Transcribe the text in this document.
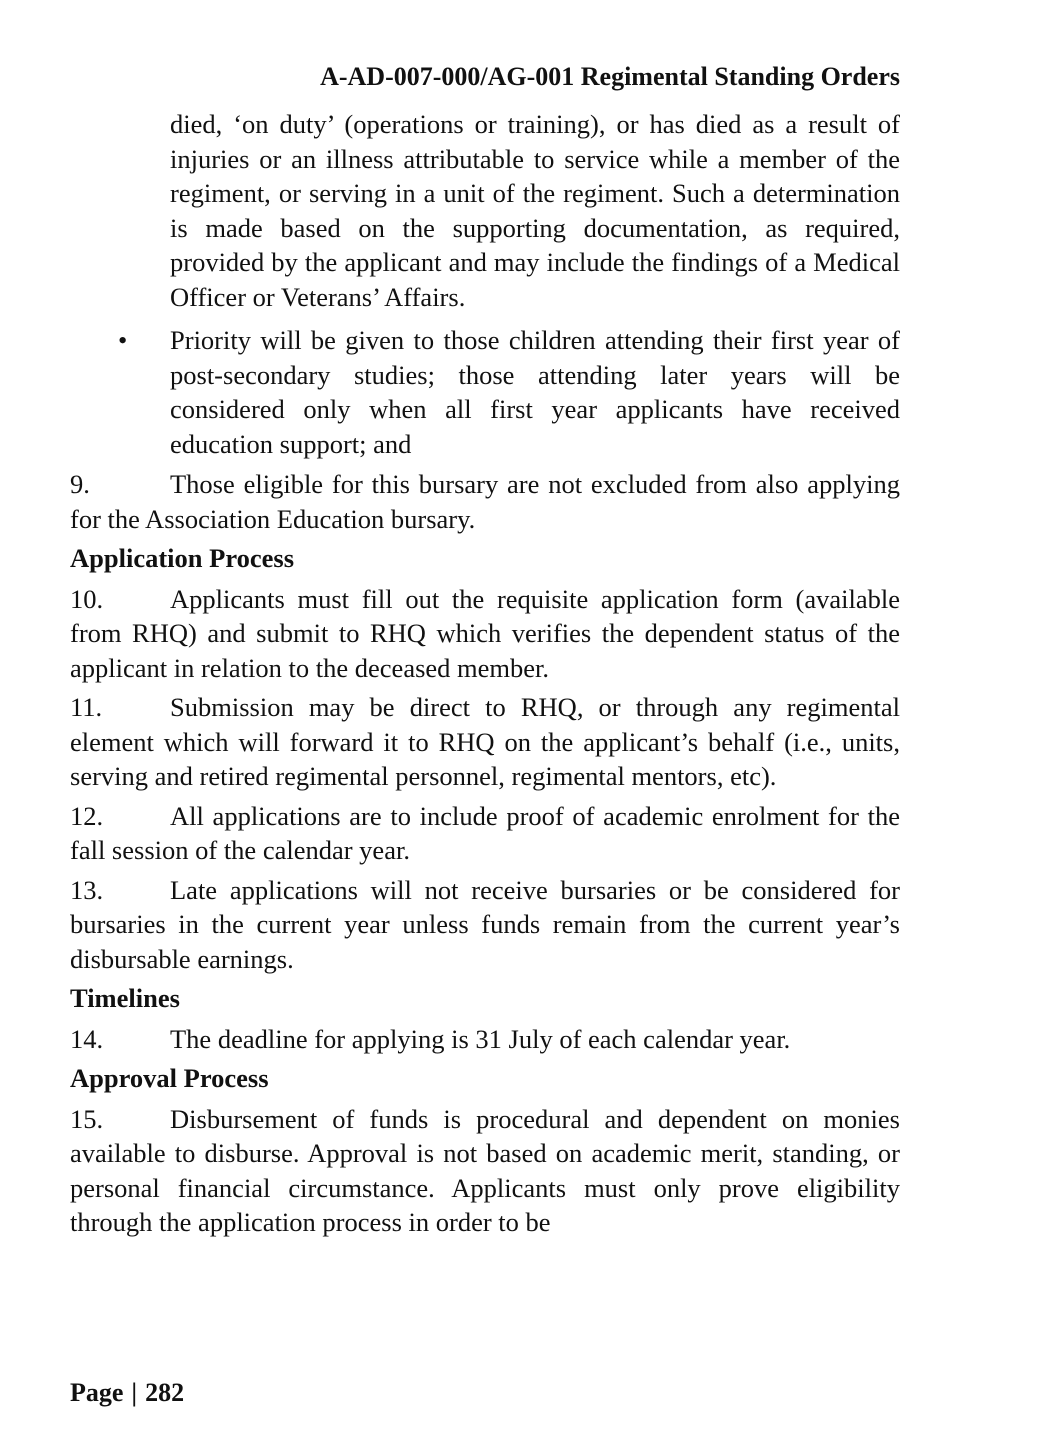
A-AD-007-000/AG-001 Regimental Standing Orders

died, ‘on duty’ (operations or training), or has died as a result of injuries or an illness attributable to service while a member of the regiment, or serving in a unit of the regiment. Such a determination is made based on the supporting documentation, as required, provided by the applicant and may include the findings of a Medical Officer or Veterans’ Affairs.

• Priority will be given to those children attending their first year of post-secondary studies; those attending later years will be considered only when all first year applicants have received education support; and

9.	Those eligible for this bursary are not excluded from also applying for the Association Education bursary.

Application Process

10.	Applicants must fill out the requisite application form (available from RHQ) and submit to RHQ which verifies the dependent status of the applicant in relation to the deceased member.

11.	Submission may be direct to RHQ, or through any regimental element which will forward it to RHQ on the applicant’s behalf (i.e., units, serving and retired regimental personnel, regimental mentors, etc).

12.	All applications are to include proof of academic enrolment for the fall session of the calendar year.

13.	Late applications will not receive bursaries or be considered for bursaries in the current year unless funds remain from the current year’s disbursable earnings.

Timelines

14.	The deadline for applying is 31 July of each calendar year.

Approval Process

15.	Disbursement of funds is procedural and dependent on monies available to disburse. Approval is not based on academic merit, standing, or personal financial circumstance. Applicants must only prove eligibility through the application process in order to be

Page | 282
